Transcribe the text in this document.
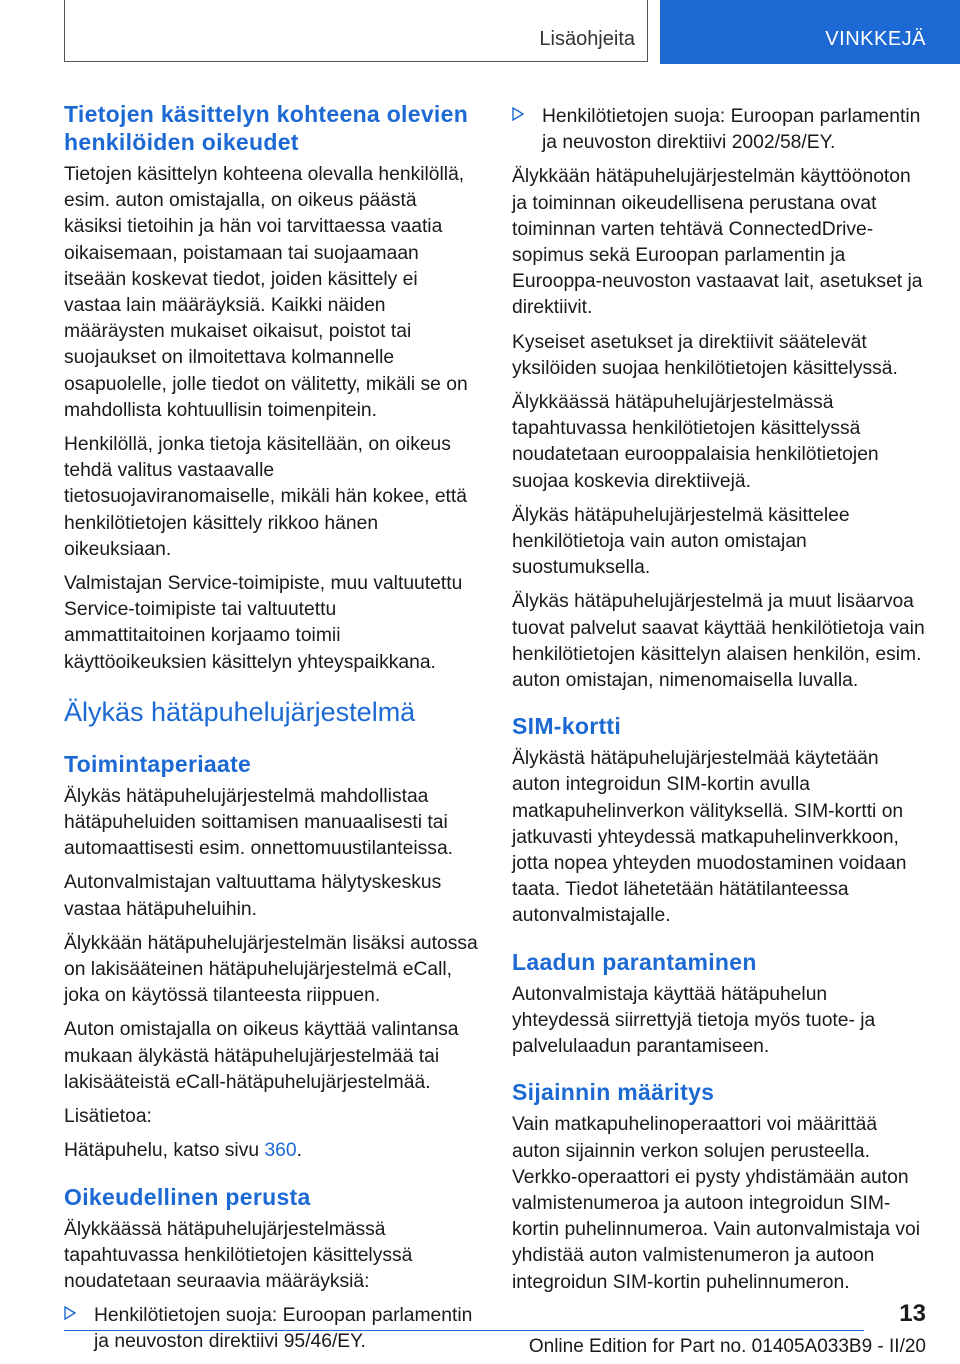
Lisäohjeita	VINKKEJÄ
Tietojen käsittelyn kohteena olevien henkilöiden oikeudet
Tietojen käsittelyn kohteena olevalla henkilöllä, esim. auton omistajalla, on oikeus päästä käsiksi tietoihin ja hän voi tarvittaessa vaatia oikaisemaan, poistamaan tai suojaamaan itseään koskevat tiedot, joiden käsittely ei vastaa lain määräyksiä. Kaikki näiden määräysten mukaiset oikaisut, poistot tai suojaukset on ilmoitettava kolmannelle osapuolelle, jolle tiedot on välitetty, mikäli se on mahdollista kohtuullisin toimenpitein.
Henkilöllä, jonka tietoja käsitellään, on oikeus tehdä valitus vastaavalle tietosuojaviranomaiselle, mikäli hän kokee, että henkilötietojen käsittely rikkoo hänen oikeuksiaan.
Valmistajan Service-toimipiste, muu valtuutettu Service-toimipiste tai valtuutettu ammattitaitoinen korjaamo toimii käyttöoikeuksien käsittelyn yhteyspaikkana.
Älykäs hätäpuhelujärjestelmä
Toimintaperiaate
Älykäs hätäpuhelujärjestelmä mahdollistaa hätäpuheluiden soittamisen manuaalisesti tai automaattisesti esim. onnettomuustilanteissa.
Autonvalmistajan valtuuttama hälytyskeskus vastaa hätäpuheluihin.
Älykkään hätäpuhelujärjestelmän lisäksi autossa on lakisääteinen hätäpuhelujärjestelmä eCall, joka on käytössä tilanteesta riippuen.
Auton omistajalla on oikeus käyttää valintansa mukaan älykästä hätäpuhelujärjestelmää tai lakisääteistä eCall-hätäpuhelujärjestelmää.
Lisätietoa:
Hätäpuhelu, katso sivu 360.
Oikeudellinen perusta
Älykkäässä hätäpuhelujärjestelmässä tapahtuvassa henkilötietojen käsittelyssä noudatetaan seuraavia määräyksiä:
Henkilötietojen suoja: Euroopan parlamentin ja neuvoston direktiivi 95/46/EY.
Henkilötietojen suoja: Euroopan parlamentin ja neuvoston direktiivi 2002/58/EY.
Älykkään hätäpuhelujärjestelmän käyttöönoton ja toiminnan oikeudellisena perustana ovat toiminnan varten tehtävä ConnectedDrive-sopimus sekä Euroopan parlamentin ja Eurooppa-neuvoston vastaavat lait, asetukset ja direktiivit.
Kyseiset asetukset ja direktiivit säätelevät yksilöiden suojaa henkilötietojen käsittelyssä.
Älykkäässä hätäpuhelujärjestelmässä tapahtuvassa henkilötietojen käsittelyssä noudatetaan eurooppalaisia henkilötietojen suojaa koskevia direktiivejä.
Älykäs hätäpuhelujärjestelmä käsittelee henkilötietoja vain auton omistajan suostumuksella.
Älykäs hätäpuhelujärjestelmä ja muut lisäarvoa tuovat palvelut saavat käyttää henkilötietoja vain henkilötietojen käsittelyn alaisen henkilön, esim. auton omistajan, nimenomaisella luvalla.
SIM-kortti
Älykästä hätäpuhelujärjestelmää käytetään auton integroidun SIM-kortin avulla matkapuhelinverkon välityksellä. SIM-kortti on jatkuvasti yhteydessä matkapuhelinverkkoon, jotta nopea yhteyden muodostaminen voidaan taata. Tiedot lähetetään hätätilanteessa autonvalmistajalle.
Laadun parantaminen
Autonvalmistaja käyttää hätäpuhelun yhteydessä siirrettyjä tietoja myös tuote- ja palvelulaadun parantamiseen.
Sijainnin määritys
Vain matkapuhelinoperaattori voi määrittää auton sijainnin verkon solujen perusteella. Verkko-operaattori ei pysty yhdistämään auton valmistenumeroa ja autoon integroidun SIM-kortin puhelinnumeroa. Vain autonvalmistaja voi yhdistää auton valmistenumeron ja autoon integroidun SIM-kortin puhelinnumeron.
13
Online Edition for Part no. 01405A033B9 - II/20
